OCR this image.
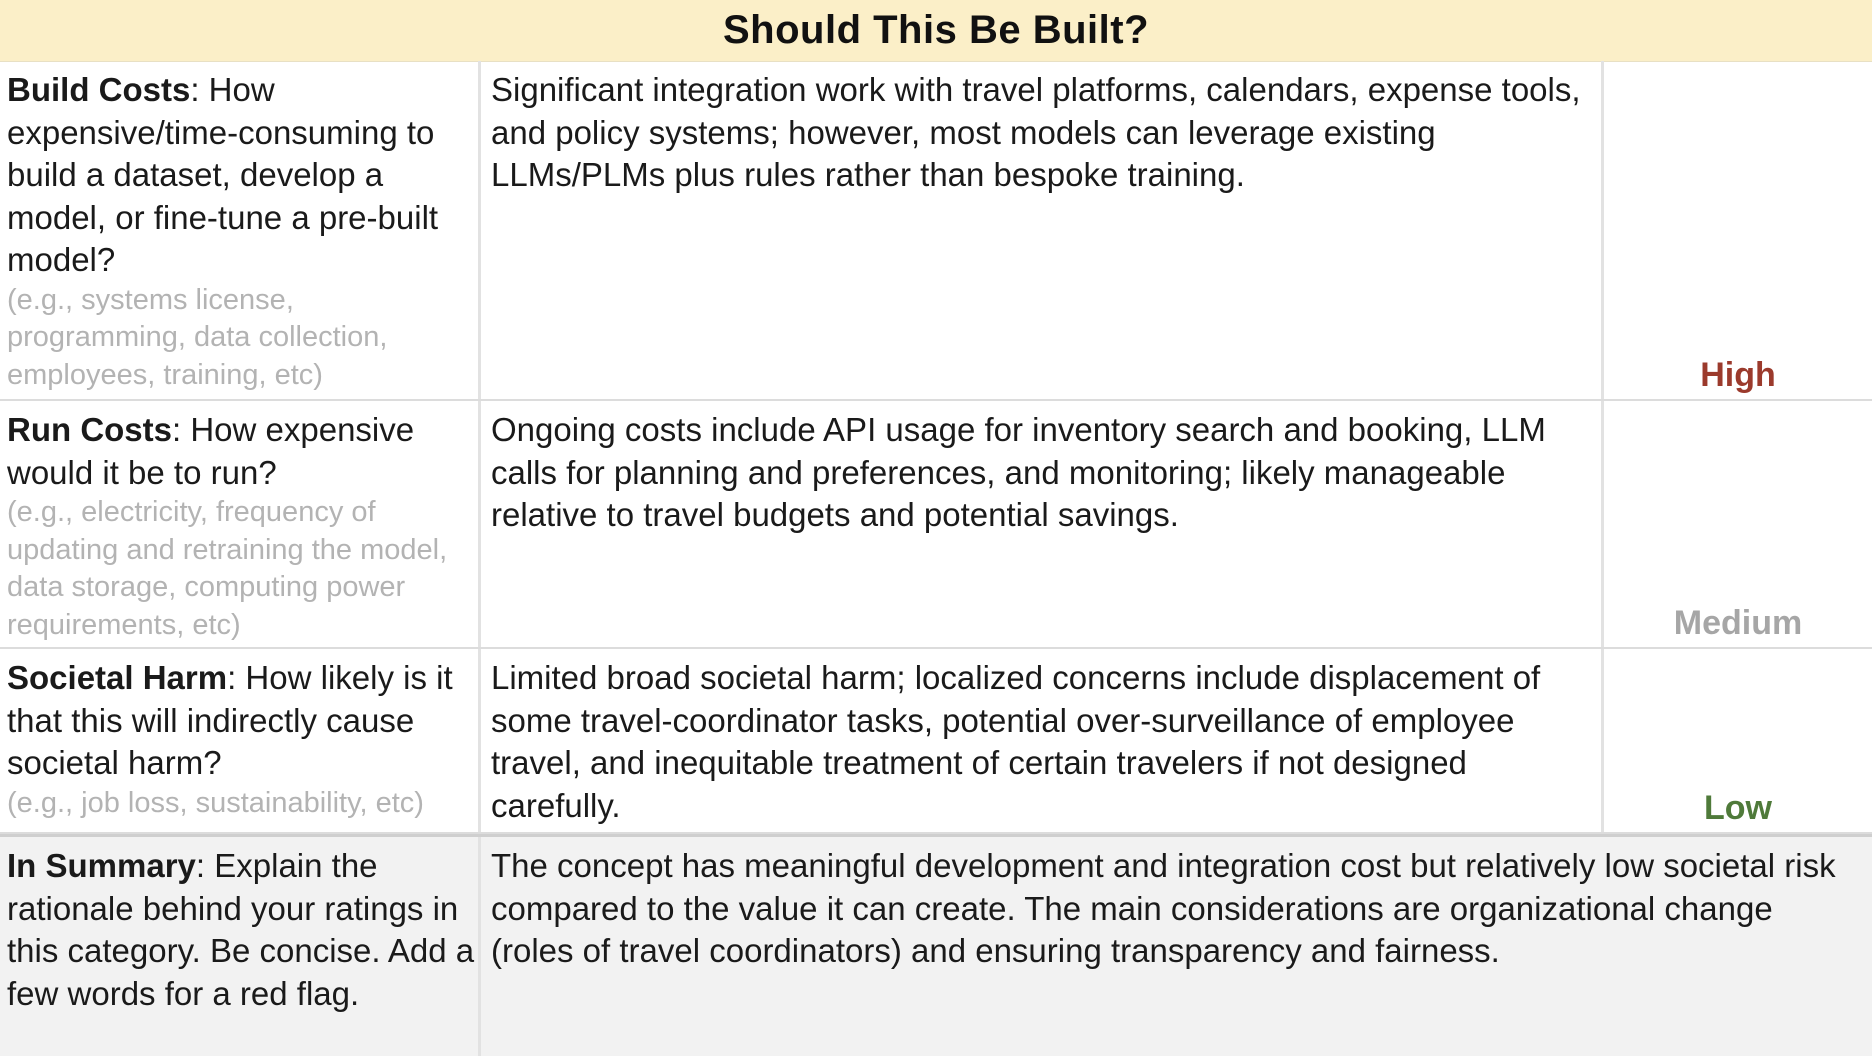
Should This Be Built?
Build Costs: How expensive/time-consuming to build a dataset, develop a model, or fine-tune a pre-built model?
(e.g., systems license, programming, data collection, employees, training, etc)
Significant integration work with travel platforms, calendars, expense tools, and policy systems; however, most models can leverage existing LLMs/PLMs plus rules rather than bespoke training.
High
Run Costs: How expensive would it be to run?
(e.g., electricity, frequency of updating and retraining the model, data storage, computing power requirements, etc)
Ongoing costs include API usage for inventory search and booking, LLM calls for planning and preferences, and monitoring; likely manageable relative to travel budgets and potential savings.
Medium
Societal Harm: How likely is it that this will indirectly cause societal harm?
(e.g., job loss, sustainability, etc)
Limited broad societal harm; localized concerns include displacement of some travel-coordinator tasks, potential over-surveillance of employee travel, and inequitable treatment of certain travelers if not designed carefully.	Low
In Summary: Explain the rationale behind your ratings in this category. Be concise. Add a few words for a red flag.
The concept has meaningful development and integration cost but relatively low societal risk compared to the value it can create. The main considerations are organizational change (roles of travel coordinators) and ensuring transparency and fairness.
